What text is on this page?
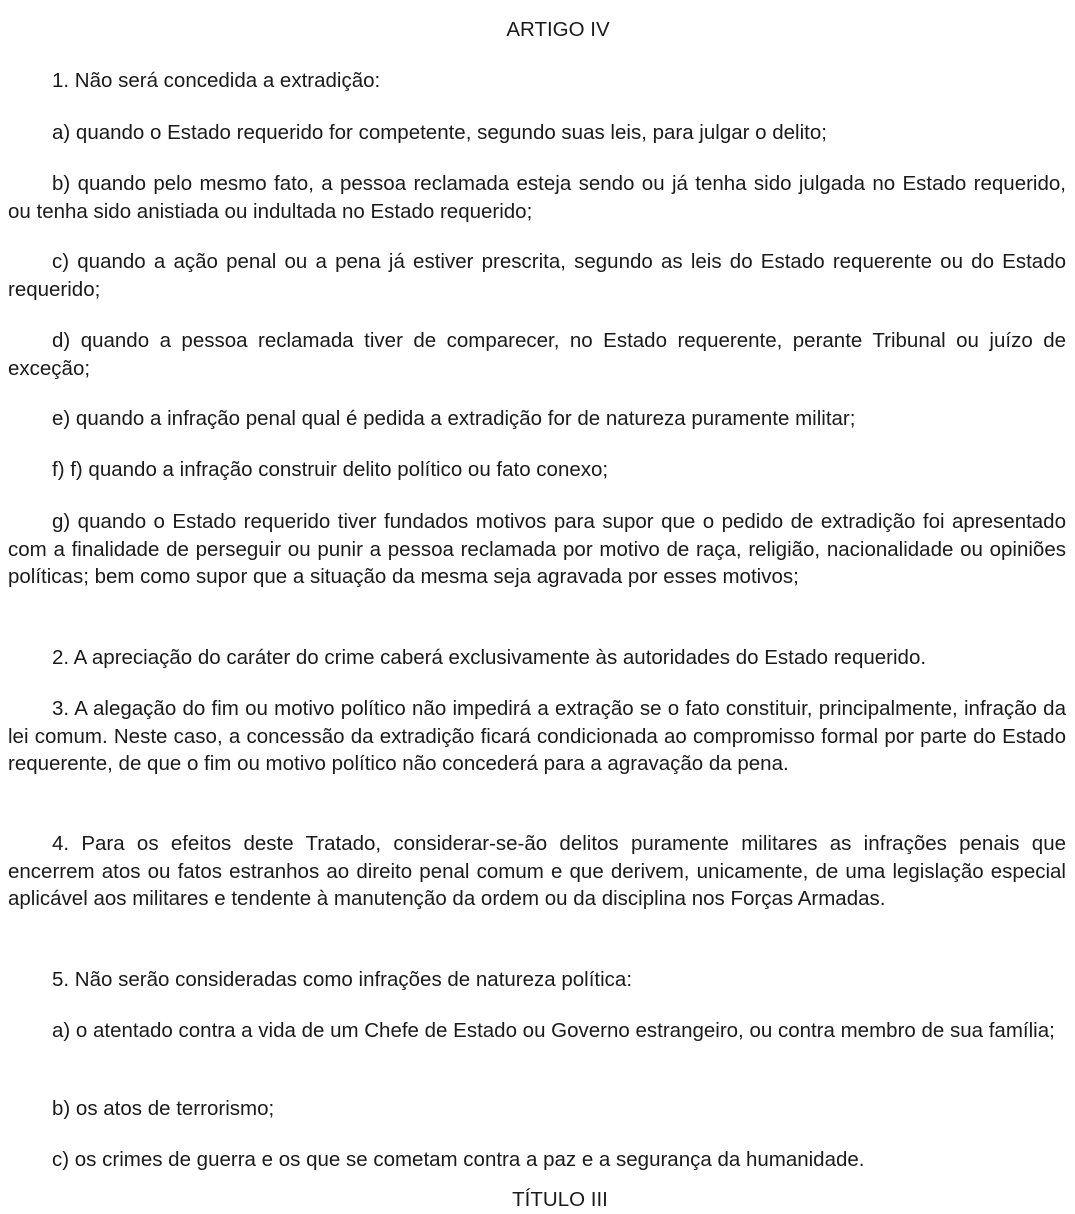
ARTIGO IV

1. Não será concedida a extradição:

a) quando o Estado requerido for competente, segundo suas leis, para julgar o delito;

b) quando pelo mesmo fato, a pessoa reclamada esteja sendo ou já tenha sido julgada no Estado requerido, ou tenha sido anistiada ou indultada no Estado requerido;

c) quando a ação penal ou a pena já estiver prescrita, segundo as leis do Estado requerente ou do Estado requerido;

d) quando a pessoa reclamada tiver de comparecer, no Estado requerente, perante Tribunal ou juízo de exceção;

e) quando a infração penal qual é pedida a extradição for de natureza puramente militar;

f) f) quando a infração construir delito político ou fato conexo;

g) quando o Estado requerido tiver fundados motivos para supor que o pedido de extradição foi apresentado com a finalidade de perseguir ou punir a pessoa reclamada por motivo de raça, religião, nacionalidade ou opiniões políticas; bem como supor que a situação da mesma seja agravada por esses motivos;

2. A apreciação do caráter do crime caberá exclusivamente às autoridades do Estado requerido.

3. A alegação do fim ou motivo político não impedirá a extração se o fato constituir, principalmente, infração da lei comum. Neste caso, a concessão da extradição ficará condicionada ao compromisso formal por parte do Estado requerente, de que o fim ou motivo político não concederá para a agravação da pena.

4. Para os efeitos deste Tratado, considerar-se-ão delitos puramente militares as infrações penais que encerrem atos ou fatos estranhos ao direito penal comum e que derivem, unicamente, de uma legislação especial aplicável aos militares e tendente à manutenção da ordem ou da disciplina nos Forças Armadas.

5. Não serão consideradas como infrações de natureza política:

a) o atentado contra a vida de um Chefe de Estado ou Governo estrangeiro, ou contra membro de sua família;

b) os atos de terrorismo;

c) os crimes de guerra e os que se cometam contra a paz e a segurança da humanidade.

TÍTULO III
